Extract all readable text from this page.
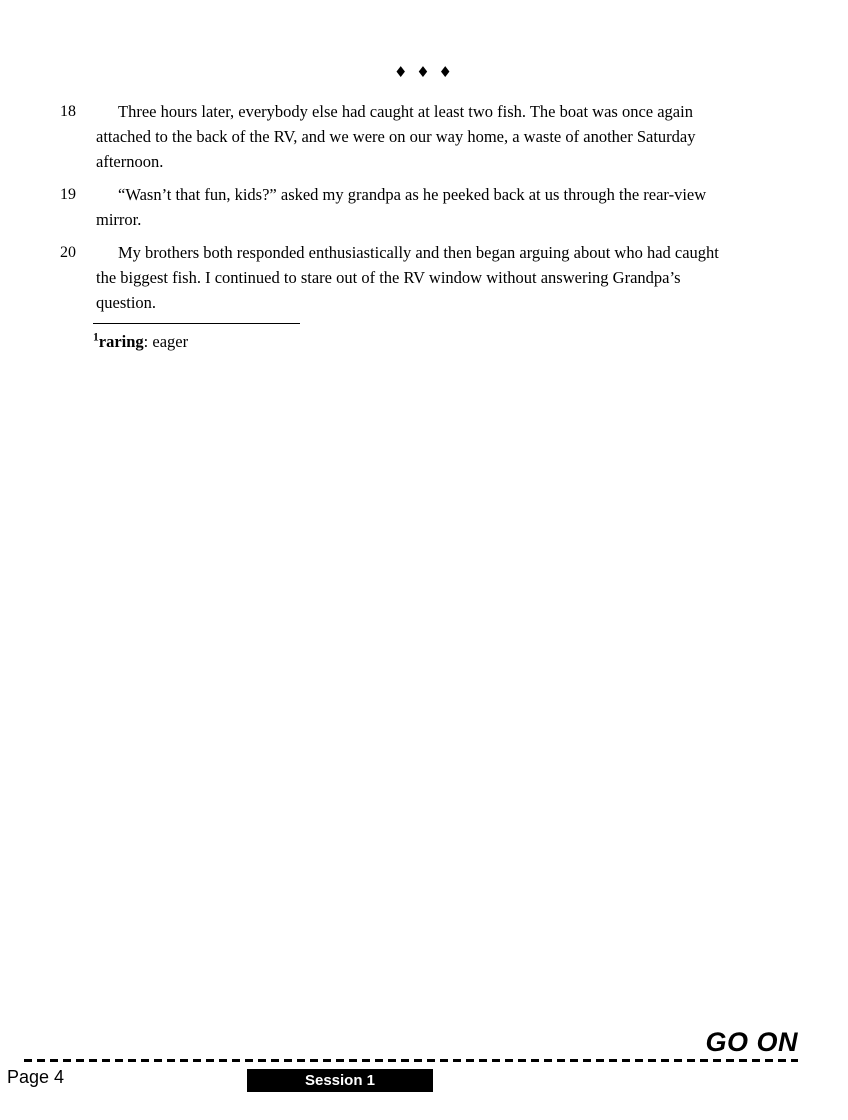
♦ ♦ ♦
18	Three hours later, everybody else had caught at least two fish. The boat was once again attached to the back of the RV, and we were on our way home, a waste of another Saturday afternoon.

19	“Wasn’t that fun, kids?” asked my grandpa as he peeked back at us through the rear-view mirror.

20	My brothers both responded enthusiastically and then began arguing about who had caught the biggest fish. I continued to stare out of the RV window without answering Grandpa’s question.

$^1$raring: eager
GO ON
Page 4	Session 1
